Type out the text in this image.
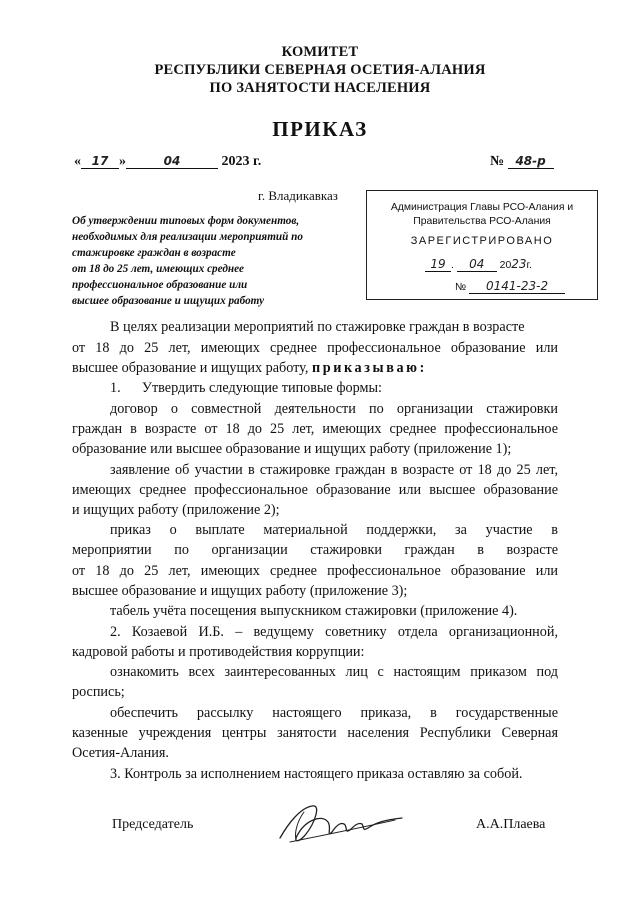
КОМИТЕТ
РЕСПУБЛИКИ СЕВЕРНАЯ ОСЕТИЯ-АЛАНИЯ
ПО ЗАНЯТОСТИ НАСЕЛЕНИЯ
ПРИКАЗ
« 17 »	04	2023 г.	№ 48-р
г. Владикавказ
Об утверждении типовых форм документов,
необходимых для реализации мероприятий по
стажировке граждан в возрасте
от 18 до 25 лет, имеющих среднее
профессиональное образование или
высшее образование и ищущих работу
Администрация Главы РСО-Алания и
Правительства РСО-Алания
ЗАРЕГИСТРИРОВАНО
19 . 04 2023г.
№ 0141-23-2
В целях реализации мероприятий по стажировке граждан в возрасте
от 18 до 25 лет, имеющих среднее профессиональное образование или
высшее образование и ищущих работу, приказываю:
1.      Утвердить следующие типовые формы:
договор о совместной деятельности по организации стажировки
граждан в возрасте от 18 до 25 лет, имеющих среднее профессиональное
образование или высшее образование и ищущих работу (приложение 1);
заявление об участии в стажировке граждан в возрасте от 18 до 25 лет,
имеющих среднее профессиональное образование или высшее образование
и ищущих работу (приложение 2);
приказ о выплате материальной поддержки, за участие в
мероприятии по организации стажировки граждан в возрасте
от 18 до 25 лет, имеющих среднее профессиональное образование или
высшее образование и ищущих работу (приложение 3);
табель учёта посещения выпускником стажировки (приложение 4).
2. Козаевой И.Б. – ведущему советнику отдела организационной,
кадровой работы и противодействия коррупции:
ознакомить всех заинтересованных лиц с настоящим приказом под
роспись;
обеспечить рассылку настоящего приказа, в государственные
казенные учреждения центры занятости населения Республики Северная
Осетия-Алания.
3. Контроль за исполнением настоящего приказа оставляю за собой.
Председатель	А.А.Плаева
